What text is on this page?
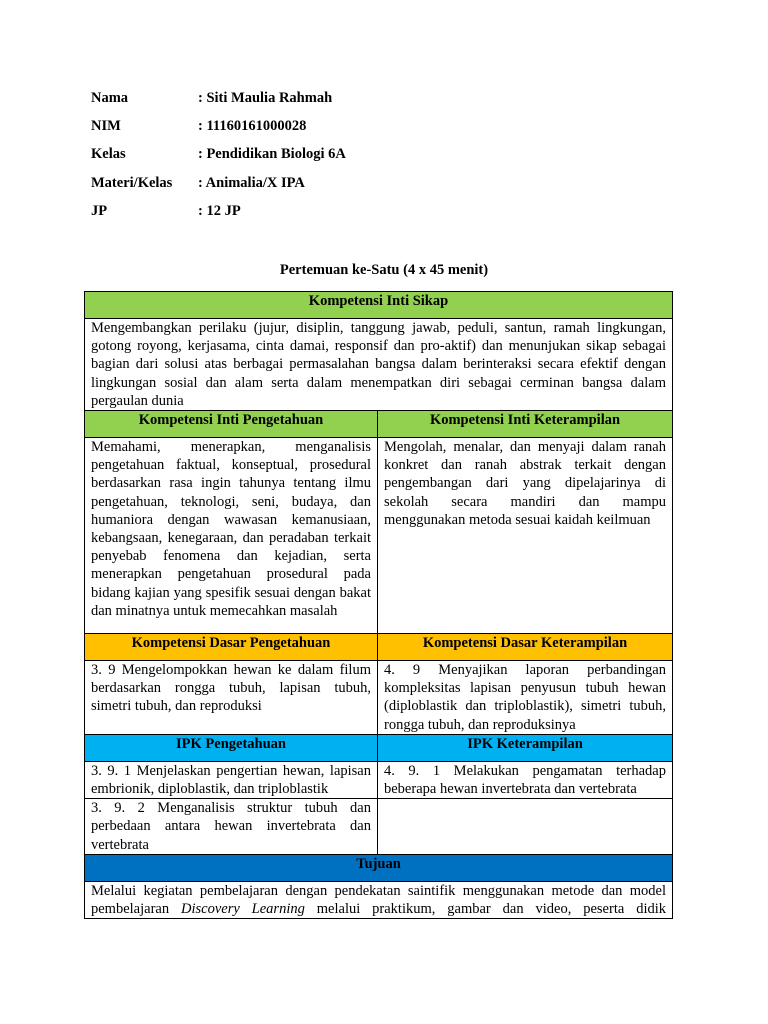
Nama	: Siti Maulia Rahmah
NIM	: 11160161000028
Kelas	: Pendidikan Biologi 6A
Materi/Kelas	: Animalia/X IPA
JP	: 12 JP
Pertemuan ke-Satu (4 x 45 menit)
Kompetensi Inti Sikap	
Mengembangkan perilaku (jujur, disiplin, tanggung jawab, peduli, santun, ramah lingkungan, gotong royong, kerjasama, cinta damai, responsif dan pro-aktif) dan menunjukan sikap sebagai bagian dari solusi atas berbagai permasalahan bangsa dalam berinteraksi secara efektif dengan lingkungan sosial dan alam serta dalam menempatkan diri sebagai cerminan bangsa dalam pergaulan dunia	
Kompetensi Inti Pengetahuan	Kompetensi Inti Keterampilan
Memahami, menerapkan, menganalisis pengetahuan faktual, konseptual, prosedural berdasarkan rasa ingin tahunya tentang ilmu pengetahuan, teknologi, seni, budaya, dan humaniora dengan wawasan kemanusiaan, kebangsaan, kenegaraan, dan peradaban terkait penyebab fenomena dan kejadian, serta menerapkan pengetahuan prosedural pada bidang kajian yang spesifik sesuai dengan bakat dan minatnya untuk memecahkan masalah	Mengolah, menalar, dan menyaji dalam ranah konkret dan ranah abstrak terkait dengan pengembangan dari yang dipelajarinya di sekolah secara mandiri dan mampu menggunakan metoda sesuai kaidah keilmuan
Kompetensi Dasar Pengetahuan	Kompetensi Dasar Keterampilan
3. 9 Mengelompokkan hewan ke dalam filum berdasarkan rongga tubuh, lapisan tubuh, simetri tubuh, dan reproduksi	4. 9 Menyajikan laporan perbandingan kompleksitas lapisan penyusun tubuh hewan (diploblastik dan triploblastik), simetri tubuh, rongga tubuh, dan reproduksinya
IPK Pengetahuan	IPK Keterampilan
3. 9. 1 Menjelaskan pengertian hewan, lapisan embrionik, diploblastik, dan triploblastik	4. 9. 1 Melakukan pengamatan terhadap beberapa hewan invertebrata dan vertebrata
3. 9. 2 Menganalisis struktur tubuh dan perbedaan antara hewan invertebrata dan vertebrata	
Tujuan	
Melalui kegiatan pembelajaran dengan pendekatan saintifik menggunakan metode dan model pembelajaran Discovery Learning melalui praktikum, gambar dan video, peserta didik	
